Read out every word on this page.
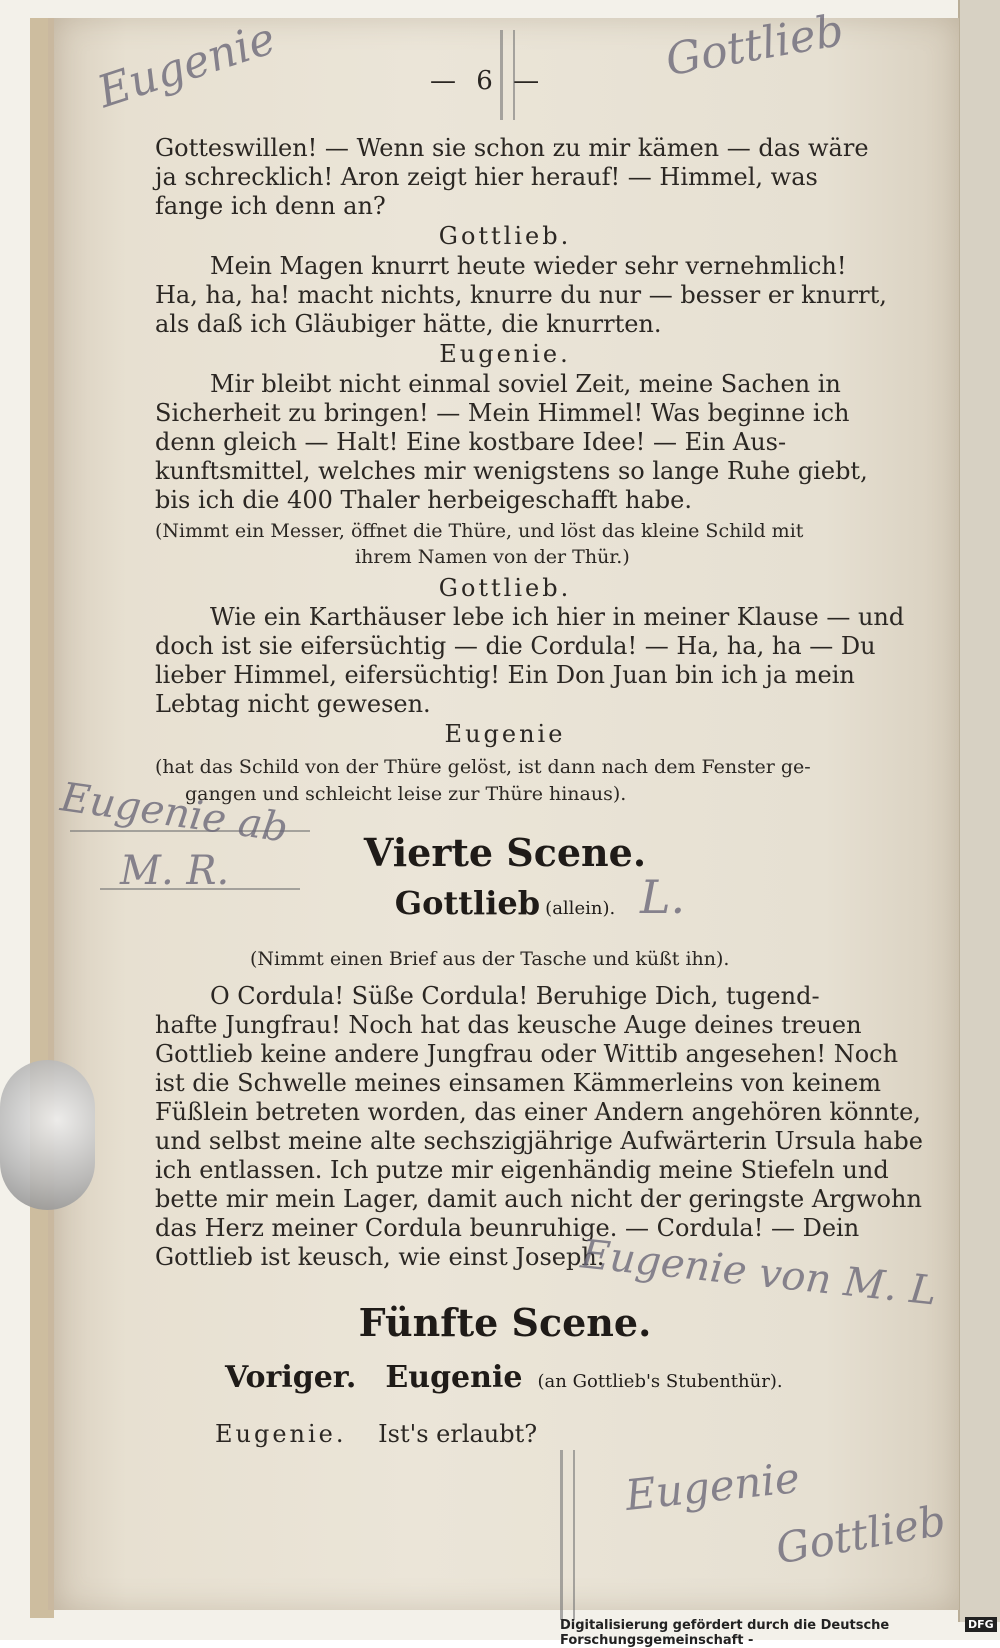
— 6 —
Gotteswillen! — Wenn sie schon zu mir kämen — das wäre
ja schrecklich! Aron zeigt hier herauf! — Himmel, was
fange ich denn an?
Gottlieb.
Mein Magen knurrt heute wieder sehr vernehmlich!
Ha, ha, ha! macht nichts, knurre du nur — besser er knurrt,
als daß ich Gläubiger hätte, die knurrten.
Eugenie.
Mir bleibt nicht einmal soviel Zeit, meine Sachen in
Sicherheit zu bringen! — Mein Himmel! Was beginne ich
denn gleich — Halt! Eine kostbare Idee! — Ein Aus-
kunftsmittel, welches mir wenigstens so lange Ruhe giebt,
bis ich die 400 Thaler herbeigeschafft habe.
(Nimmt ein Messer, öffnet die Thüre, und löst das kleine Schild mit
ihrem Namen von der Thür.)
Gottlieb.
Wie ein Karthäuser lebe ich hier in meiner Klause — und
doch ist sie eifersüchtig — die Cordula! — Ha, ha, ha — Du
lieber Himmel, eifersüchtig! Ein Don Juan bin ich ja mein
Lebtag nicht gewesen.
Eugenie
(hat das Schild von der Thüre gelöst, ist dann nach dem Fenster ge-
gangen und schleicht leise zur Thüre hinaus).
Vierte Scene.
Gottlieb (allein).
(Nimmt einen Brief aus der Tasche und küßt ihn).
O Cordula! Süße Cordula! Beruhige Dich, tugend-
hafte Jungfrau! Noch hat das keusche Auge deines treuen
Gottlieb keine andere Jungfrau oder Wittib angesehen! Noch
ist die Schwelle meines einsamen Kämmerleins von keinem
Füßlein betreten worden, das einer Andern angehören könnte,
und selbst meine alte sechszigjährige Aufwärterin Ursula habe
ich entlassen. Ich putze mir eigenhändig meine Stiefeln und
bette mir mein Lager, damit auch nicht der geringste Argwohn
das Herz meiner Cordula beunruhige. — Cordula! — Dein
Gottlieb ist keusch, wie einst Joseph.
Fünfte Scene.
Voriger. Eugenie (an Gottlieb's Stubenthür).
Eugenie. Ist's erlaubt?
Eugenie	Gottlieb
Eugenie ab
M. R.	L.
Eugenie von M. L
Eugenie
Gottlieb
Digitalisierung gefördert durch die Deutsche Forschungsgemeinschaft -
DFG
